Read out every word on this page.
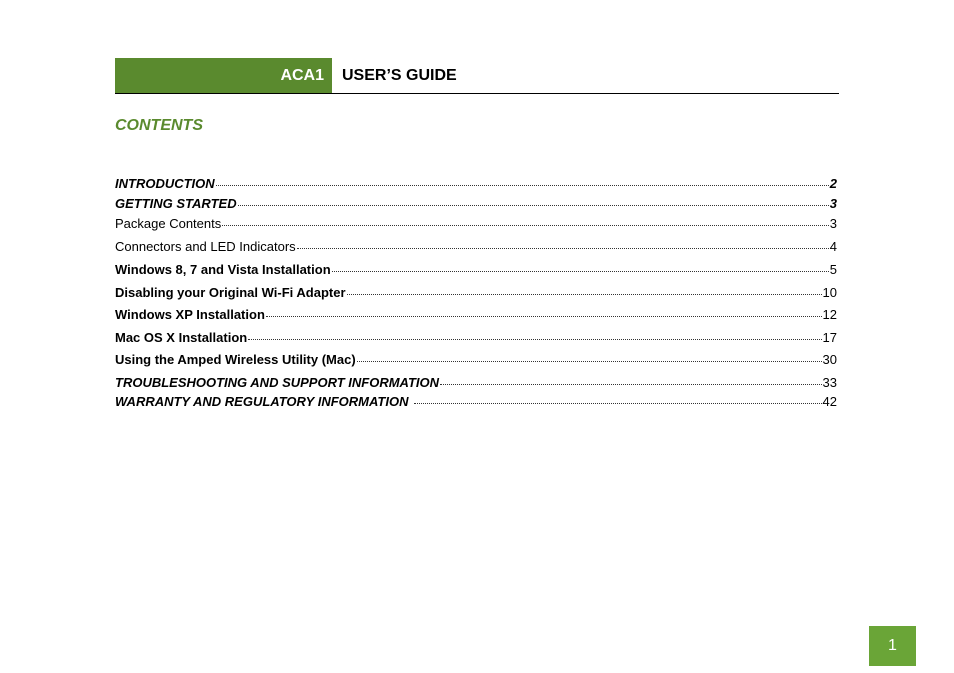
ACA1	USER’S GUIDE
CONTENTS
INTRODUCTION	2
GETTING STARTED	3
Package Contents	3
Connectors and LED Indicators	4
Windows 8, 7 and Vista Installation	5
Disabling your Original Wi-Fi Adapter	10
Windows XP Installation	12
Mac OS X Installation	17
Using the Amped Wireless Utility (Mac)	30
TROUBLESHOOTING AND SUPPORT INFORMATION	33
WARRANTY AND REGULATORY INFORMATION	42
1
